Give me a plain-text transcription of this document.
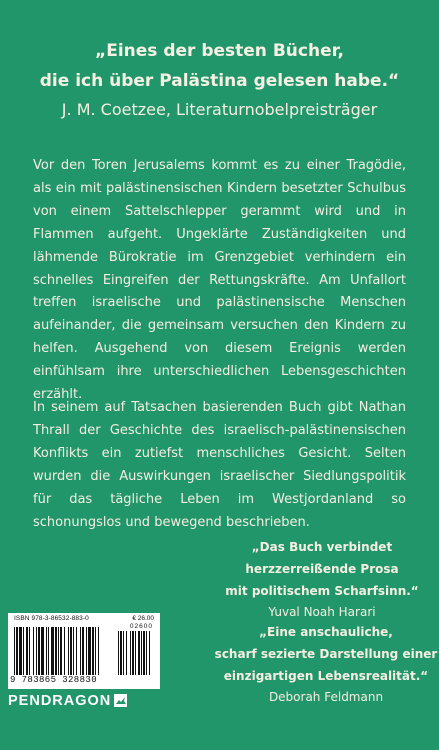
„Eines der besten Bücher,
die ich über Palästina gelesen habe.“
J. M. Coetzee, Literaturnobelpreisträger

Vor den Toren Jerusalems kommt es zu einer Tragödie, als ein mit palästinensischen Kindern besetzter Schulbus von einem Sattelschlepper gerammt wird und in Flammen aufgeht. Ungeklärte Zuständigkeiten und lähmende Bürokratie im Grenzgebiet verhindern ein schnelles Eingreifen der Rettungskräfte. Am Unfallort treffen israelische und palästinensische Menschen aufeinander, die gemeinsam versuchen den Kindern zu helfen. Ausgehend von diesem Ereignis werden einfühlsam ihre unterschiedlichen Lebensgeschichten erzählt.

In seinem auf Tatsachen basierenden Buch gibt Nathan Thrall der Geschichte des israelisch-palästinensischen Konflikts ein zutiefst menschliches Gesicht. Selten wurden die Auswirkungen israelischer Siedlungspolitik für das tägliche Leben im Westjordanland so schonungslos und bewegend beschrieben.

„Das Buch verbindet
herzzerreißende Prosa
mit politischem Scharfsinn.“
Yuval Noah Harari
ISBN 978-3-86532-883-0	€ 26.00
02600
9 783865 328830
PENDRAGON
„Eine anschauliche,
scharf sezierte Darstellung einer
einzigartigen Lebensrealität.“
Deborah Feldmann
